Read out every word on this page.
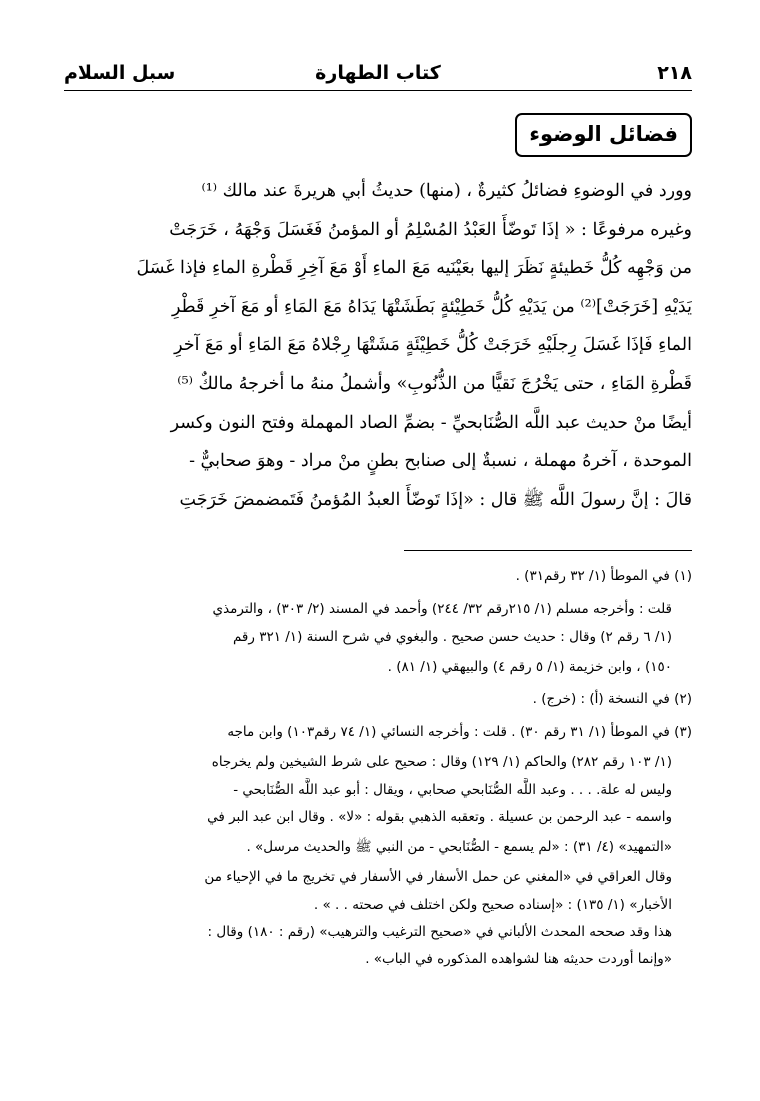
٢١٨
كتاب الطهارة
سبل السلام
فضائل الوضوء
وورد في الوضوءِ فضائلُ كثيرةٌ ، (منها) حديثُ أبي هريرةَ عند مالك ⁽¹⁾
وغيره مرفوعًا : « إذَا تَوضّأَ العَبْدُ المُسْلِمُ أو المؤمنُ فَغَسَلَ وَجْهَهُ ، خَرَجَتْ
من وَجْهِه كُلُّ خَطيئةٍ نَظَرَ إليها بعَيْنَيه مَعَ الماءِ أَوْ مَعَ آخِرِ قَطْرةِ الماءِ فإذا غَسَلَ
يَدَيْهِ [خَرَجَتْ]⁽²⁾ من يَدَيْهِ كُلُّ خَطِيْئةٍ بَطَشَتْهَا يَدَاهُ مَعَ المَاءِ أو مَعَ آخرِ قَطْرِ
الماءِ فَإذَا غَسَلَ رِجلَيْهِ خَرَجَتْ كُلُّ خَطِيْئَةٍ مَشَتْهَا رِجْلاهُ مَعَ المَاءِ أو مَعَ آخرِ
قَطْرةِ المَاءِ ، حتى يَخْرُجَ نَقيًّا من الذُّنُوبِ» وأشملُ منهُ ما أخرجهُ مالكٌ ⁽⁵⁾
أيضًا منْ حديث عبد اللَّه الصُّنَابحيِّ - بضمِّ الصاد المهملة وفتح النون وكسر
الموحدة ، آخرهُ مهملة ، نسبةٌ إلى صنابح بطنٍ منْ مراد - وهوَ صحابيٌّ -
قالَ : إنَّ رسولَ اللَّه ﷺ قال : «إذَا تَوضّأَ العبدُ المُؤمنُ فَتَمضمضَ خَرَجَتِ
(١) في الموطأ (١/ ٣٢ رقم٣١) .
قلت : وأخرجه مسلم (١/ ٢١٥رقم ٣٢/ ٢٤٤) وأحمد في المسند (٢/ ٣٠٣) ، والترمذي
(١/ ٦ رقم ٢) وقال : حديث حسن صحيح . والبغوي في شرح السنة (١/ ٣٢١ رقم
١٥٠) ، وابن خزيمة (١/ ٥ رقم ٤) والبيهقي (١/ ٨١) .
(٢) في النسخة (أ) : (خرج) .
(٣) في الموطأ (١/ ٣١ رقم ٣٠) . قلت : وأخرجه النسائي (١/ ٧٤ رقم١٠٣) وابن ماجه
(١/ ١٠٣ رقم ٢٨٢) والحاكم (١/ ١٢٩) وقال : صحيح على شرط الشيخين ولم يخرجاه
وليس له علة. . . . وعبد اللَّه الصُّنَابحي صحابي ، ويقال : أبو عبد اللَّه الصُّنَابحي -
واسمه - عبد الرحمن بن عسيلة . وتعقبه الذهبي بقوله : «لا» . وقال ابن عبد البر في
«التمهيد» (٤/ ٣١) : «لم يسمع - الصُّنَابحي - من النبي ﷺ والحديث مرسل» .
وقال العراقي في «المغني عن حمل الأسفار في الأسفار في تخريج ما في الإحياء من
الأخبار» (١/ ١٣٥) : «إسناده صحيح ولكن اختلف في صحته . . » .
هذا وقد صححه المحدث الألباني في «صحيح الترغيب والترهيب» (رقم : ١٨٠) وقال :
«وإنما أوردت حديثه هنا لشواهده المذكوره في الباب» .
